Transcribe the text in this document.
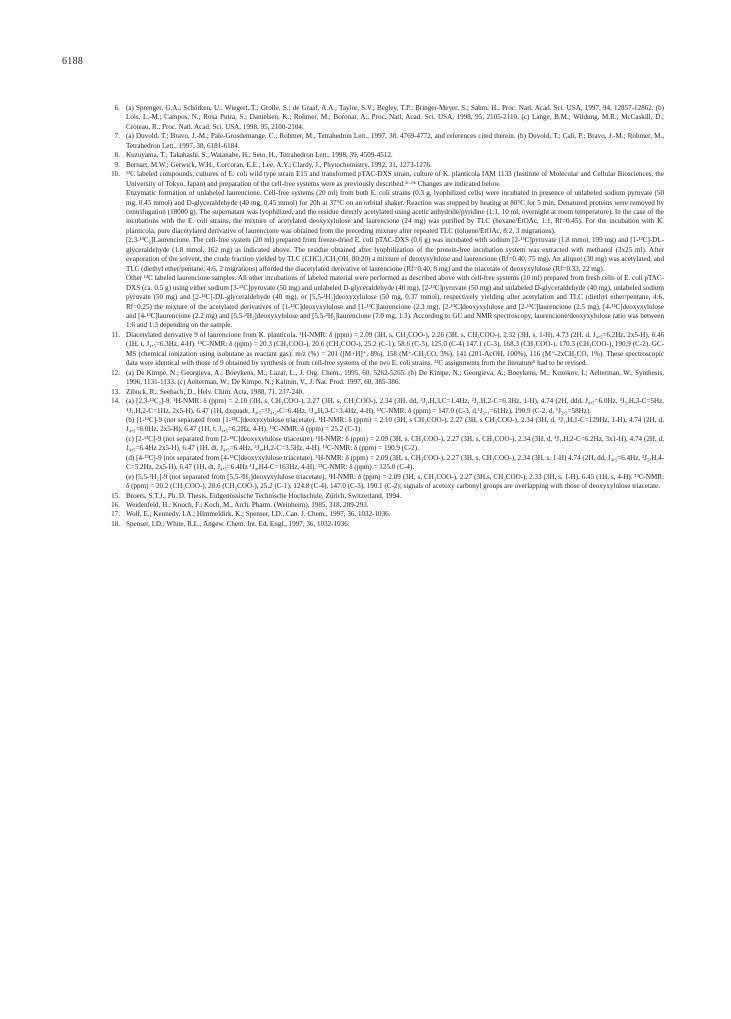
6188
6. (a) Sprenger, G.A.; Schörken, U.; Wiegert,.T.; Grolle, S.; de Graaf, A.A.; Taylor, S.V.; Begley, T.P.; Bringer-Meyer, S.; Sahm, H., Proc. Natl. Acad. Sci. USA, 1997, 94, 12857-12862. (b) Lois, L.-M.; Campos, N.; Rosa Putra, S.; Danielsen, K.; Rohmer, M.; Boronat, A., Proc. Natl. Acad. Sci. USA, 1998, 95, 2105-2110. (c) Lange, B.M.; Wildung, M.R.; McCaskill, D.; Croteau, R., Proc. Natl. Acad. Sci. USA, 1998, 95, 2100-2104.
7. (a) Duvold, T.; Bravo, J.-M.; Pale-Grosdemange, C.; Rohmer, M., Tetrahedron Lett., 1997, 38, 4769-4772, and references cited therein. (b) Duvold, T.; Cali, P.; Bravo, J.-M.; Rohmer, M., Tetrahedron Lett., 1997, 38, 6181-6184.
8. Kuzuyama, T.; Takahashi, S., Watanabe, H.; Seto, H., Tetrahedron Lett., 1998, 39, 4509-4512.
9. Bernart, M.W.; Gerwick, W.H., Corcoran, E.E.; Lee, A.Y.; Clardy, J., Phytochemistry, 1992, 31, 1273-1276.
10. ¹³C labeled compounds, cultures of E. coli wild type strain E15 and transformed pTAC-DXS strain, culture of K. planticola IAM 1133 (Institute of Molecular and Cellular Biosciences, the University of Tokyo, Japan) and preparation of the cell-free systems were as previously described.³ᶜ·⁶ᵇ Changes are indicated below.
Enzymatic formation of unlabeled laurencione. Cell-free systems (20 ml) from both E. coli strains (0.3 g, lyophilized cells) were incubated in presence of unlabeled sodium pyruvate (50 mg, 0.45 mmol) and D-glyceraldehyde (40 mg, 0.45 mmol) for 20h at 37°C on an orbital shaker. Reaction was stopped by heating at 80°C for 5 min. Denatured proteins were removed by centrifugation (18000 g). The supernatant was lyophilized, and the residue directly acetylated using acetic anhydride/pyridine (1:1, 10 ml, overnight at room temperature). In the case of the incubations with the E. coli strains, the mixture of acetylated deoxyxylulose and laurencione (24 mg) was purified by TLC (hexane/EtOAc, 1:1, Rf=0.45). For the incubation with K. planticola, pure diacetylated derivative of laurencione was obtained from the preceding mixture after repeated TLC (toluene/EtOAc, 8:2, 3 migrations).
[2,3-¹³C₂]Laurencione. The cell-free system (20 ml) prepared from freeze-dried E. coli pTAC-DXS (0.6 g) was incubated with sodium [2-¹³C]pyruvate (1.8 mmol, 199 mg) and [1-¹³C]-DL-glyceraldehyde (1.8 mmol, 162 mg) as indicated above. The residue obtained after lyophilization of the protein-free incubation system was extracted with methanol (3x25 ml). After evaporation of the solvent, the crude fraction yielded by TLC (CHCl₃/CH₃OH, 80:20) a mixture of deoxyxylulose and laurencione (Rf=0.40, 75 mg). An aliquot (30 mg) was acetylated, and TLC (diethyl ether/pentane, 4:6, 2 migrations) afforded the diacetylated derivative of laurencione (Rf=0.40, 8 mg) and the triacetate of deoxyxylulose (Rf=0.33, 22 mg).
Other ¹³C labeled laurencione samples. All other incubations of labeled material were performed as described above with cell-free systems (10 ml) prepared from fresh cells of E. coli pTAC-DXS (ca. 0.5 g) using either sodium [3-¹³C]pyruvate (50 mg) and unlabeled D-glyceraldehyde (40 mg), [2-¹³C]pyruvate (50 mg) and unlabeled D-glyceraldehyde (40 mg), unlabeled sodium pyruvate (50 mg) and [2-¹³C]-DL-glyceraldehyde (40 mg), or [5,5-²H₂]deoxyxylulose (50 mg, 0.37 mmol), respectively yielding after acetylation and TLC (diethyl ether/pentane, 4:6, Rf=0.25) the mixture of the acetylated derivatives of [1-¹³C]deoxyxylulose and [1-¹³C]laurencione (2.3 mg), [2-¹³C]deoxyxylulose and [2-¹³C]laurencione (2.5 mg), [4-¹³C]deoxyxylulose and [4-¹³C]laurencione (2.2 mg) and [5,5-²H₂]deoxyxylulose and [5,5-²H₂]laurencione (7.0 mg, 1:3). According to GC and NMR spectroscopy, laurencione/deoxyxylulose ratio was between 1:6 and 1:3 depending on the sample.
11. Diacetylated derivative 9 of laurencione from K. planticola. ¹H-NMR: δ (ppm) = 2.09 (3H, s, CH₃COO-), 2.26 (3H, s, CH₃COO-), 2.32 (3H, s, 1-H), 4.73 (2H, d, J₄,₅=6.2Hz, 2x5-H), 6.46 (1H, t, J₄,₅=6.3Hz, 4-H). ¹³C-NMR: δ (ppm) = 20.3 (CH₃COO-), 20.6 (CH₃COO-), 25.2 (C-1), 58.6 (C-5), 125.0 (C-4) 147.1 (C-3), 168.3 (CH₃COO-), 170.3 (CH₃COO-), 190.9 (C-2). GC-MS (chemical ionization using isobutane as reactant gas): m/z (%) = 201 ([M+H]⁺, 8%), 158 (M⁺-CH₂CO, 3%), 141 (201-AcOH, 100%), 116 (M⁺-2xCH₂CO, 1%). These spectroscopic data were identical with those of 9 obtained by synthesis or from cell-free systems of the two E. coli strains. ¹³C assignments from the literature⁹ had to be revised.
12. (a) De Kimpe, N.; Georgieva, A.; Boeykens, M.; Lazar, L., J. Org. Chem., 1995, 60, 5262-5265. (b) De Kimpe, N.; Georgieva, A.; Boeykens, M.; Kozekov, I.; Aelterman, W., Synthesis, 1996, 1131-1133. (c) Aelterman, W.; De Kimpe, N.; Kalinin, V., J. Nat. Prod. 1997, 60, 385-386.
13. Zibuck, R.; Seebach, D., Helv. Chim. Acta, 1988, 71, 237-240.
14. (a) [2,3-¹³C₂]-9. ¹H-NMR: δ (ppm) = 2.10 (3H, s, CH₃COO-), 2.27 (3H, s, CH₃COO-), 2.34 (3H, dd, ³J₁,H,3,C=1.4Hz, ²J₁,H,2-C=6.3Hz, 1-H), 4.74 (2H, ddd, J₄,₅=6.0Hz, ³J₅,H,3-C=5Hz, ⁴J₅,H,2-C=1Hz, 2x5-H), 6.47 (1H, dxquadr, J₄,₅=³J₄,₂-C=6.4Hz, ²J₄,H,3-C=3.4Hz, 4-H). ¹³C-NMR: δ (ppm) = 147.0 (C-3, d,¹J₂,₃=61Hz), 190.9 (C-2, d, ¹J₂,₃=58Hz).
(b) [1-¹³C]-9 (not separated from [1-¹³C]deoxyxylulose triacetate). ¹H-NMR: δ (ppm) = 2.10 (3H, s CH₃COO-), 2.27 (3H, s CH₃COO-), 2.34 (3H, d, ¹J₁,H,1-C=129Hz, 1-H), 4.74 (2H, d, J₄,₅=6.0Hz, 2x5-H), 6.47 (1H, t, J₄,₅=6.2Hz, 4-H). ¹³C-NMR: δ (ppm) = 25.2 (C-1).
(c) [2-¹³C]-9 (not separated from [2-¹³C]deoxyxylulose triacetate). ¹H-NMR: δ (ppm) = 2.09 (3H, s, CH₃COO-), 2.27 (3H, s, CH₃COO-), 2.34 (3H, d, ²J₁,H,2-C=6.2Hz, 3x1-H), 4.74 (2H, d, J₄,₅=6.4Hz 2x5-H), 6.47 (1H, dt, J₄,₅=6.4Hz, ³J₄,H,2-C=3.5Hz, 4-H). ¹³C-NMR: δ (ppm) = 190.9 (C-2).
(d) [4-¹³C]-9 (not separated from [4-¹³C]deoxyxylulose triacetate). ¹H-NMR: δ (ppm) = 2.09 (3H, s, CH₃COO-), 2.27 (3H, s, CH₃COO-), 2.34 (3H, s, 1-H) 4.74 (2H, dd, J₄,₅=6.4Hz, ²J₅,H,4-C=5.2Hz, 2x5-H), 6.47 (1H, dt, J₄,₅=6.4Hz ¹J₄,H4-C=163Hz, 4-H). ¹³C-NMR: δ (ppm) = 125.0 (C-4).
(e) [5,5-²H₂]-9 (not separated from [5,5-²H₂]deoxyxylulose triacetate). ¹H-NMR: δ (ppm) = 2.09 (3H, s, CH₃COO-), 2.27 (3H,s, CH₃COO-), 2.33 (3H, s, 1-H), 6.45 (1H, s, 4-H). ¹³C-NMR: δ (ppm) = 20.2 (CH₃COO-), 20.6 (CH₃COO-), 25.2 (C-1), 124.8 (C-4), 147.0 (C-3), 190.1 (C-2); signals of acetoxy carbonyl groups are overlapping with those of deoxyxylulose triacetate.
15. Broers, S.T.J., Ph. D. Thesis, Eidgenössische Technische Hochschule, Zürich, Switzerland, 1994.
16. Weidenfeld, H.; Knoch, F.; Koch, M., Arch. Pharm. (Weinheim), 1985, 318, 289-293.
17. Wolf, E.; Kennedy, I.A.; Himmeldirk, K.; Spenser, I.D., Can. J. Chem., 1997, 36, 1032-1036.
18. Spenser, I.D.; White, R.L., Angew. Chem. Int. Ed. Engl., 1997, 36, 1032-1036.
